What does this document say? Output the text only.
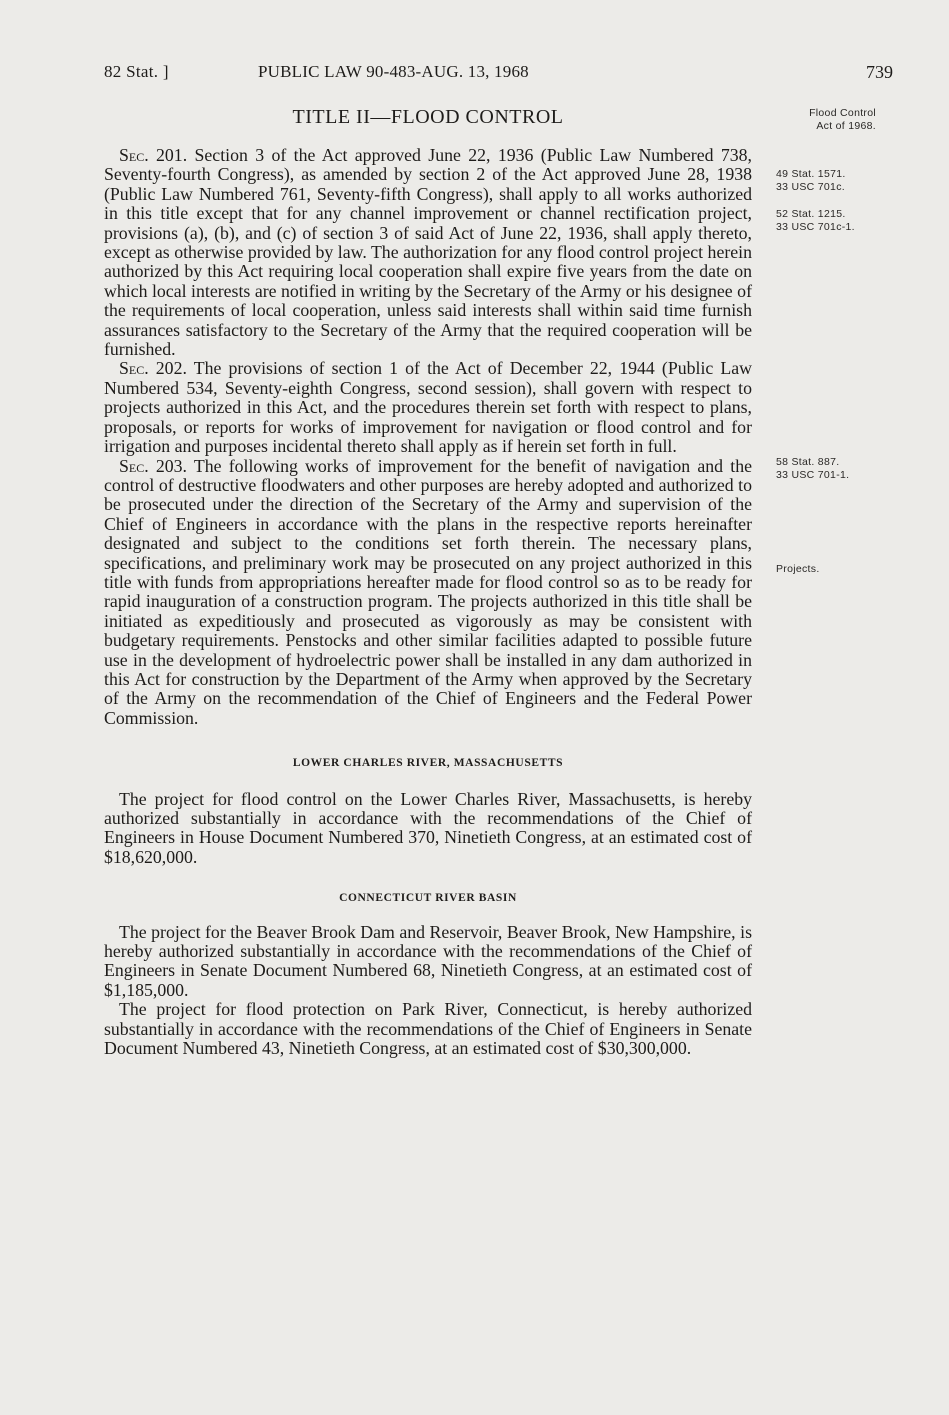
82 Stat. ]	PUBLIC LAW 90-483-AUG. 13, 1968	739
TITLE II—FLOOD CONTROL

Sec. 201. Section 3 of the Act approved June 22, 1936 (Public Law Numbered 738, Seventy-fourth Congress), as amended by section 2 of the Act approved June 28, 1938 (Public Law Numbered 761, Seventy-fifth Congress), shall apply to all works authorized in this title except that for any channel improvement or channel rectification project, provisions (a), (b), and (c) of section 3 of said Act of June 22, 1936, shall apply thereto, except as otherwise provided by law. The authorization for any flood control project herein authorized by this Act requiring local cooperation shall expire five years from the date on which local interests are notified in writing by the Secretary of the Army or his designee of the requirements of local cooperation, unless said interests shall within said time furnish assurances satisfactory to the Secretary of the Army that the required cooperation will be furnished.

Sec. 202. The provisions of section 1 of the Act of December 22, 1944 (Public Law Numbered 534, Seventy-eighth Congress, second session), shall govern with respect to projects authorized in this Act, and the procedures therein set forth with respect to plans, proposals, or reports for works of improvement for navigation or flood control and for irrigation and purposes incidental thereto shall apply as if herein set forth in full.

Sec. 203. The following works of improvement for the benefit of navigation and the control of destructive floodwaters and other purposes are hereby adopted and authorized to be prosecuted under the direction of the Secretary of the Army and supervision of the Chief of Engineers in accordance with the plans in the respective reports hereinafter designated and subject to the conditions set forth therein. The necessary plans, specifications, and preliminary work may be prosecuted on any project authorized in this title with funds from appropriations hereafter made for flood control so as to be ready for rapid inauguration of a construction program. The projects authorized in this title shall be initiated as expeditiously and prosecuted as vigorously as may be consistent with budgetary requirements. Penstocks and other similar facilities adapted to possible future use in the development of hydroelectric power shall be installed in any dam authorized in this Act for construction by the Department of the Army when approved by the Secretary of the Army on the recommendation of the Chief of Engineers and the Federal Power Commission.

LOWER CHARLES RIVER, MASSACHUSETTS

The project for flood control on the Lower Charles River, Massachusetts, is hereby authorized substantially in accordance with the recommendations of the Chief of Engineers in House Document Numbered 370, Ninetieth Congress, at an estimated cost of $18,620,000.

CONNECTICUT RIVER BASIN

The project for the Beaver Brook Dam and Reservoir, Beaver Brook, New Hampshire, is hereby authorized substantially in accordance with the recommendations of the Chief of Engineers in Senate Document Numbered 68, Ninetieth Congress, at an estimated cost of $1,185,000.

The project for flood protection on Park River, Connecticut, is hereby authorized substantially in accordance with the recommendations of the Chief of Engineers in Senate Document Numbered 43, Ninetieth Congress, at an estimated cost of $30,300,000.

Flood Control
Act of 1968.
49 Stat. 1571.
33 USC 701c.
52 Stat. 1215.
33 USC 701c-1.
58 Stat. 887.
33 USC 701-1.
Projects.
